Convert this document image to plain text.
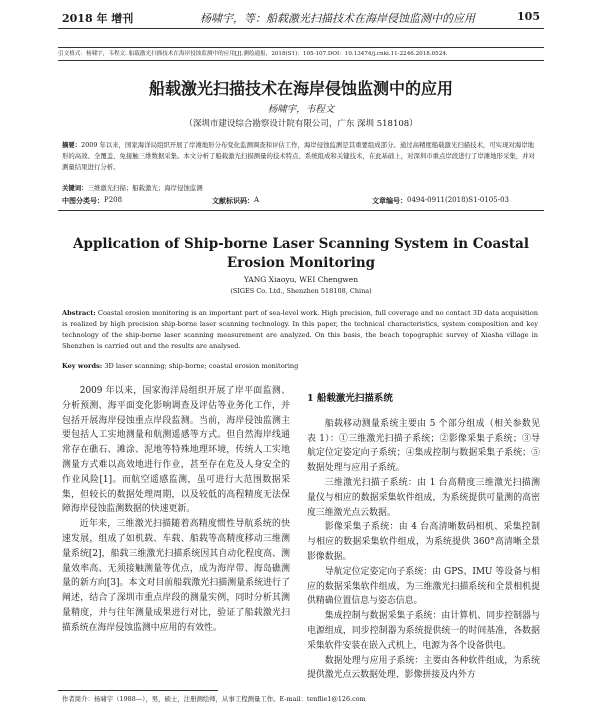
2018 年 增刊	杨啸宇，等：船载激光扫描技术在海岸侵蚀监测中的应用	105
引文格式：杨啸宇，韦程文. 船载激光扫描技术在海岸侵蚀监测中的应用[J].测绘通报，2018(S1)：105-107.DOI：10.13474/j.cnki.11-2246.2018.0524.
船载激光扫描技术在海岸侵蚀监测中的应用
杨啸宇，韦程文
（深圳市建设综合勘察设计院有限公司，广东 深圳 518108）
摘要：2009 年以来，国家海洋局组织开展了岸滩地形分布变化监测调查和评估工作，海岸侵蚀监测是其重要组成部分。通过高精度船载激光扫描技术，可实现对海岸地形的高效、全覆盖、免接触三维数据采集。本文分析了船载激光扫描测量的技术特点、系统组成和关键技术，在此基础上，对深圳市重点岸段进行了岸滩地形采集，并对测量结果进行分析。
关键词：三维激光扫描；船载激光；海岸侵蚀监测
中图分类号： P208	文献标识码： A	文章编号： 0494-0911(2018)S1-0105-03
Application of Ship-borne Laser Scanning System in Coastal
Erosion Monitoring
YANG Xiaoyu, WEI Chengwen
(SIGES Co. Ltd., Shenzhen 518108, China)
Abstract: Coastal erosion monitoring is an important part of sea-level work. High precision, full coverage and no contact 3D data acquisition is realized by high precision ship-borne laser scanning technology. In this paper, the technical characteristics, system composition and key technology of the ship-borne laser scanning measurement are analyzed. On this basis, the beach topographic survey of Xiasha village in Shenzhen is carried out and the results are analysed.
Key words: 3D laser scanning; ship-borne; coastal erosion monitoring

2009 年以来，国家海洋局组织开展了岸平面监测、分析预测、海平面变化影响调查及评估等业务化工作，并包括开展海岸侵蚀重点岸段监测。当前，海岸侵蚀监测主要包括人工实地测量和航测遥感等方式。但自然海岸线通常存在礁石、滩涂、泥地等特殊地理环境，传统人工实地测量方式难以高效地进行作业，甚至存在危及人身安全的作业风险[1]。而航空遥感监测，虽可进行大范围数据采集，但较长的数据处理周期，以及较低的高程精度无法保障海岸侵蚀监测数据的快速更新。

近年来，三维激光扫描随着高精度惯性导航系统的快速发展，组成了如机载、车载、船载等高精度移动三维测量系统[2]，船载三维激光扫描系统因其自动化程度高、测量效率高、无须接触测量等优点，成为海岸带、海岛礁测量的新方向[3]。本文对目前船载激光扫描测量系统进行了阐述，结合了深圳市重点岸段的测量实例，同时分析其测量精度，并与往年测量成果进行对比，验证了船载激光扫描系统在海岸侵蚀监测中应用的有效性。

1 船载激光扫描系统

船载移动测量系统主要由 5 个部分组成（相关参数见表 1）：①三维激光扫描子系统；②影像采集子系统；③导航定位定姿定向子系统；④集成控制与数据采集子系统；⑤数据处理与应用子系统。

三维激光扫描子系统：由 1 台高精度三维激光扫描测量仪与相应的数据采集软件组成，为系统提供可量测的高密度三维激光点云数据。

影像采集子系统：由 4 台高清晰数码相机、采集控制与相应的数据采集软件组成，为系统提供 360°高清晰全景影像数据。

导航定位定姿定向子系统：由 GPS、IMU 等设备与相应的数据采集软件组成，为三维激光扫描系统和全景相机提供精确位置信息与姿态信息。

集成控制与数据采集子系统：由计算机、同步控制器与电源组成，同步控制器为系统提供统一的时间基准，各数据采集软件安装在嵌入式机上，电源为各个设备供电。

数据处理与应用子系统：主要由各种软件组成，为系统提供激光点云数据处理、影像拼接及内外方

作者简介：杨啸宇（1988—），男，硕士，注册测绘师，从事工程测量工作。E-mail：tenflie1@126.com
